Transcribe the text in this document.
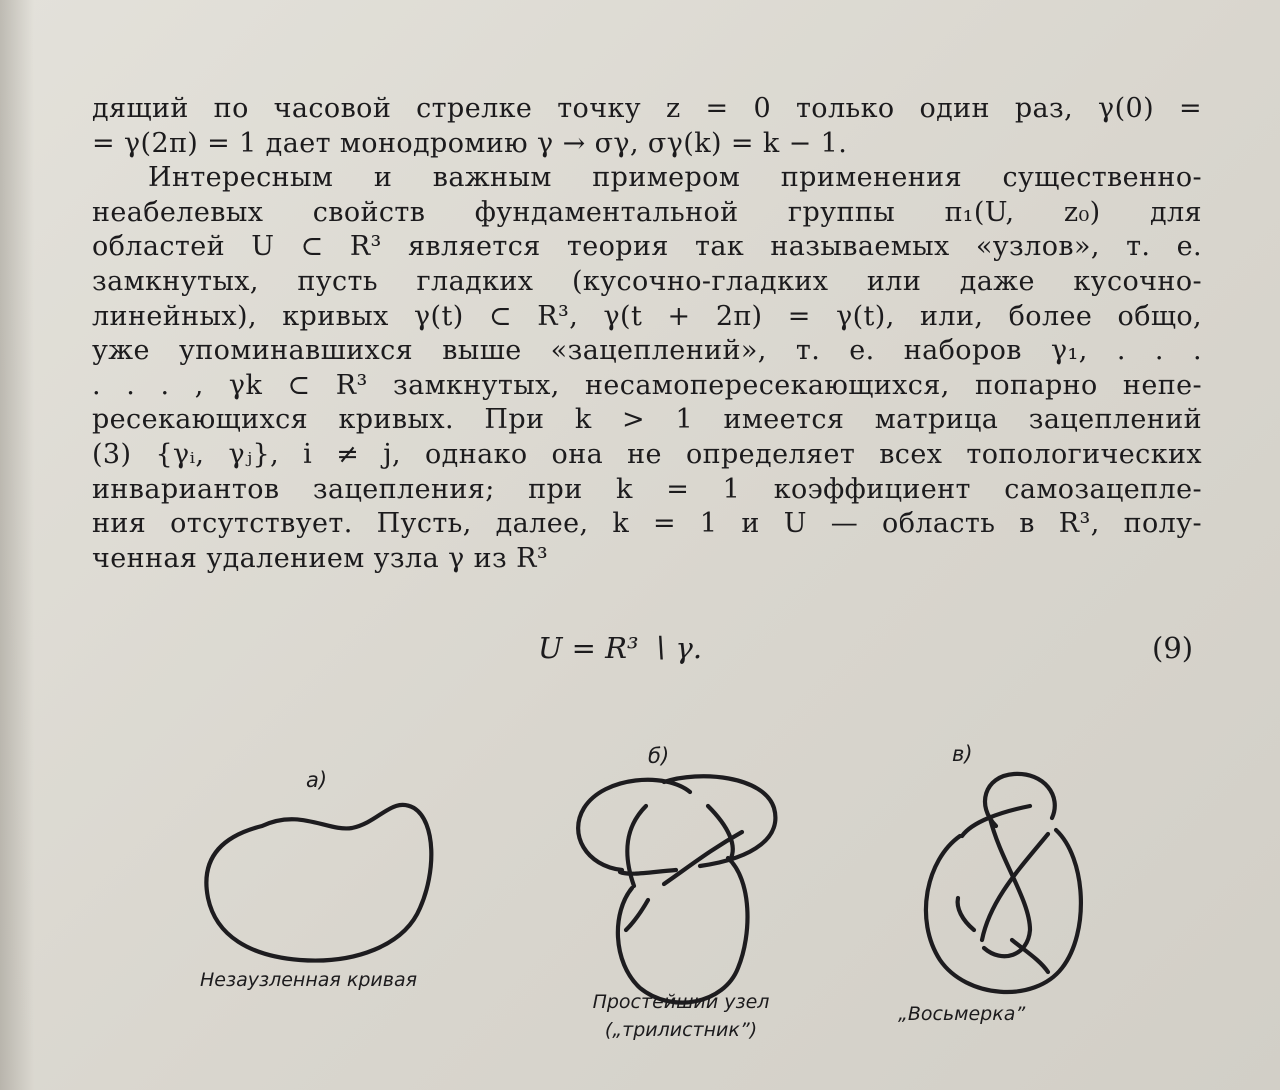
дящий по часовой стрелке точку z = 0 только один раз, γ(0) =
= γ(2π) = 1 дает монодромию γ → σγ, σγ(k) = k − 1.
Интересным и важным примером применения существенно-
неабелевых свойств фундаментальной группы π₁(U, z₀) для
областей U ⊂ R³ является теория так называемых «узлов», т. е.
замкнутых, пусть гладких (кусочно-гладких или даже кусочно-
линейных), кривых γ(t) ⊂ R³, γ(t + 2π) = γ(t), или, более общо,
уже упоминавшихся выше «зацеплений», т. е. наборов γ₁, . . .
. . . , γk ⊂ R³ замкнутых, несамопересекающихся, попарно непе-
ресекающихся кривых. При k > 1 имеется матрица зацеплений
(3) {γᵢ, γⱼ}, i ≠ j, однако она не определяет всех топологических
инвариантов зацепления; при k = 1 коэффициент самозацепле-
ния отсутствует. Пусть, далее, k = 1 и U — область в R³, полу-
ченная удалением узла γ из R³
U = R³ ∖ γ.	(9)
a)
б)	в)
Незаузленная кривая
Простейший узел
(„трилистник”)
„Восьмерка”
